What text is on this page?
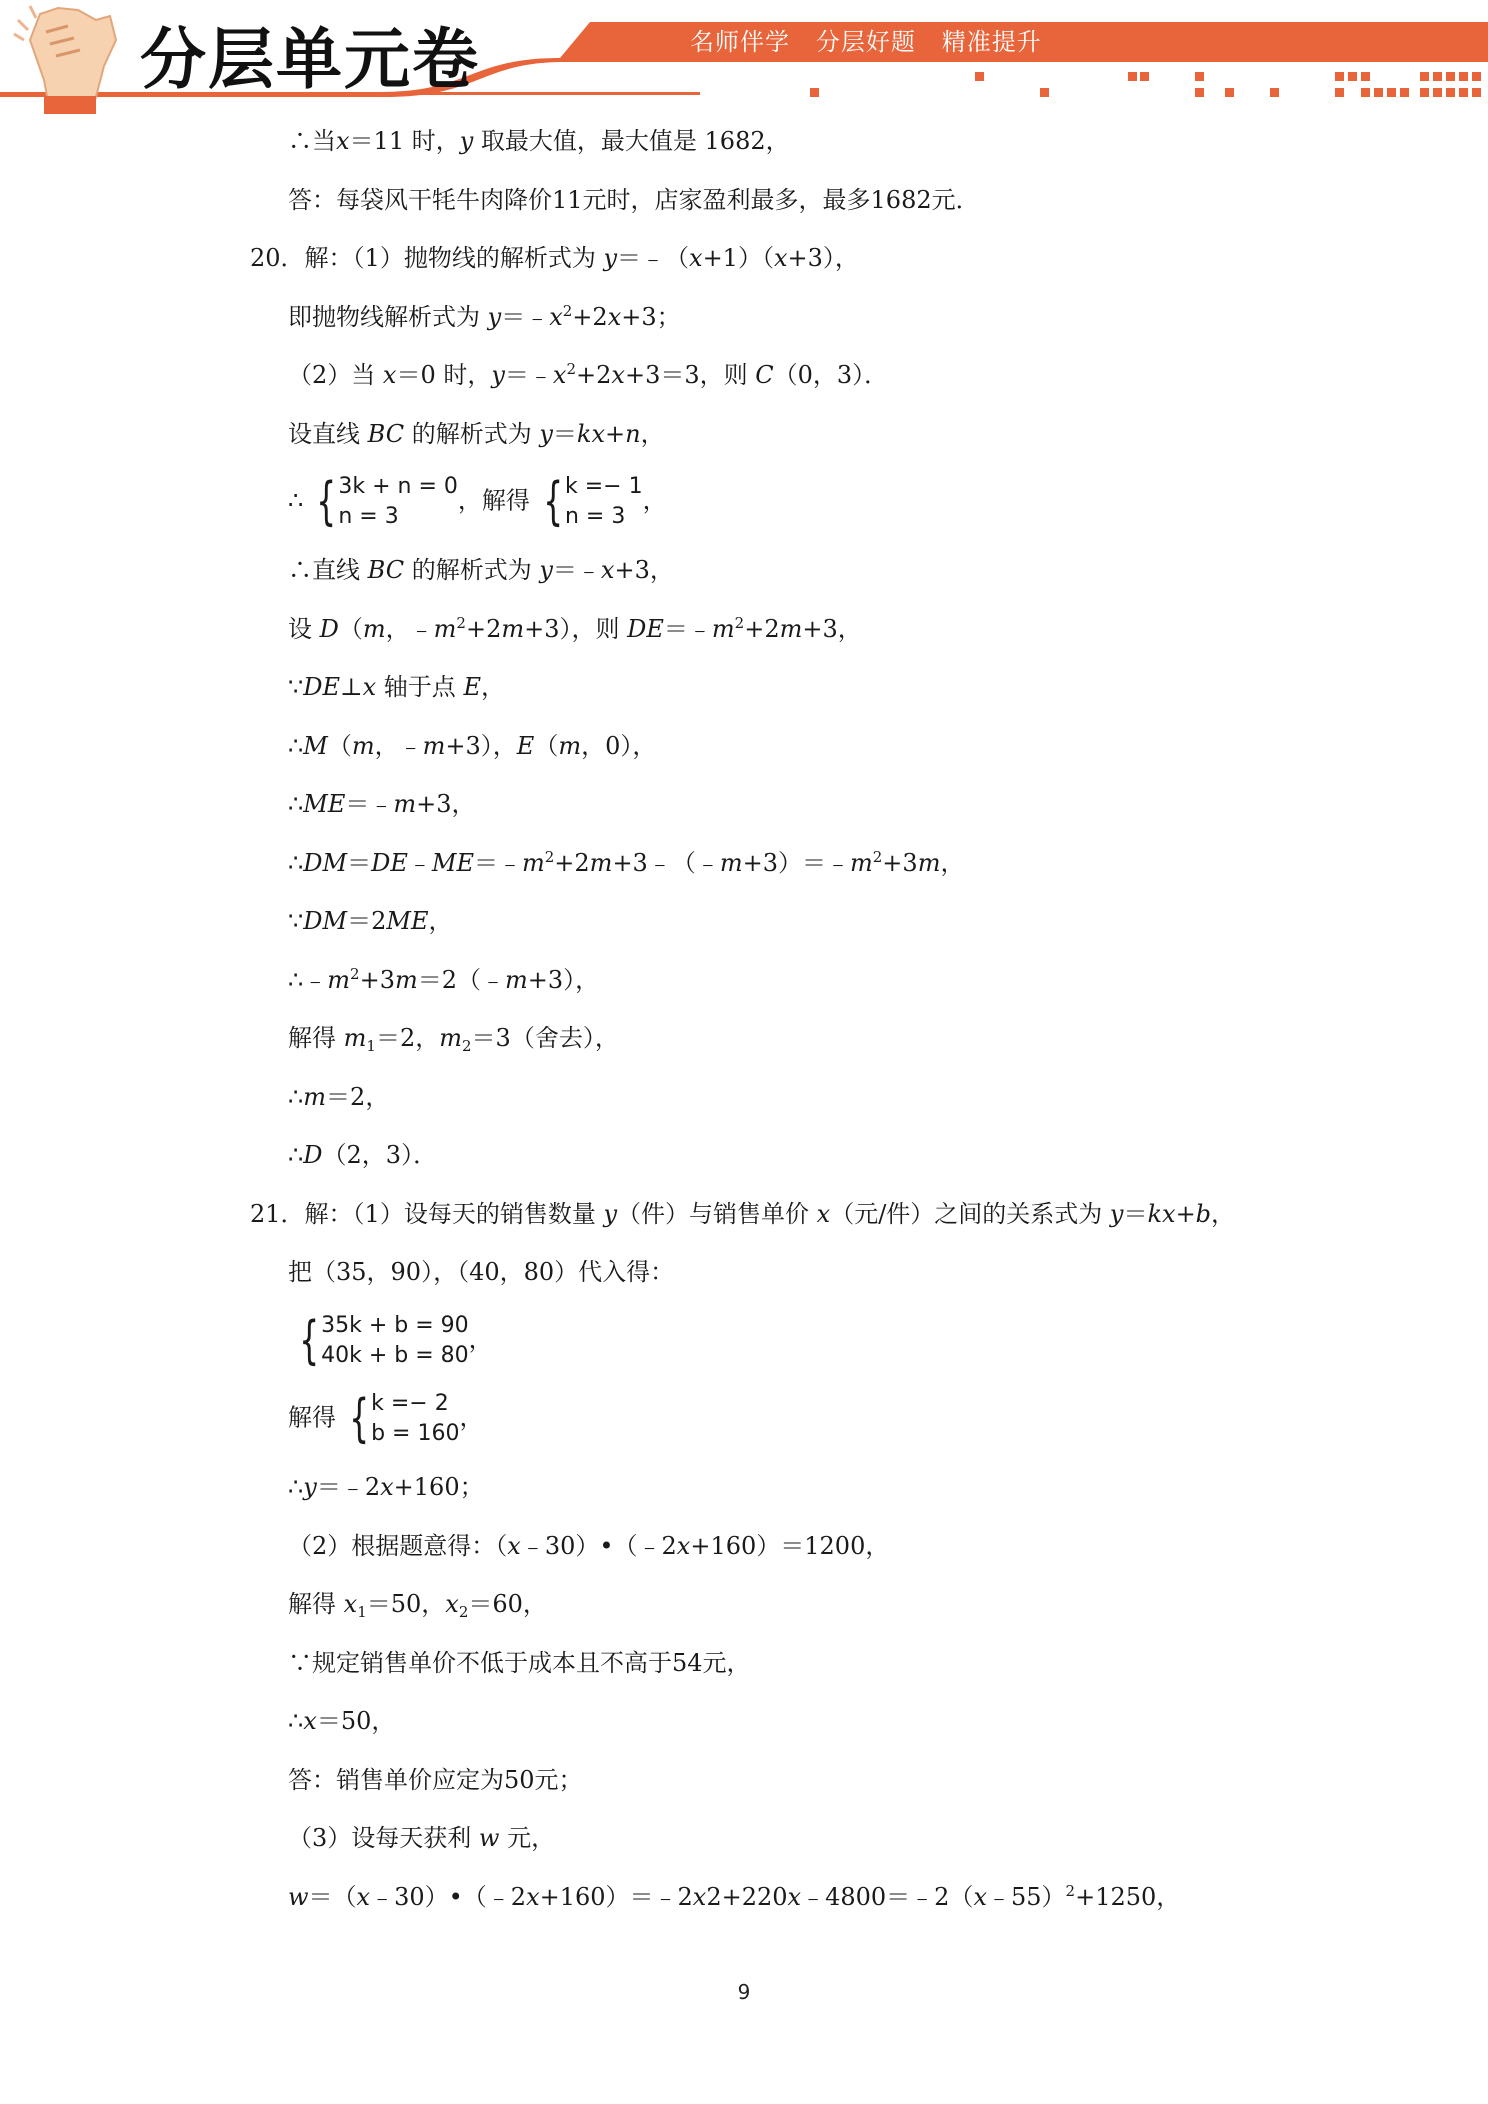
分层单元卷	名师伴学   分层好题   精准提升
∴当x＝11 时，y 取最大值，最大值是 1682，
答：每袋风干牦牛肉降价11元时，店家盈利最多，最多1682元．
20．解：（1）抛物线的解析式为 y＝﹣（x+1）（x+3），
即抛物线解析式为 $y=﹣x^2+2x+3$；
（2）当 x＝0 时，$y=﹣x^2+2x+3=3$，则 C（0，3）．
设直线 BC 的解析式为 y＝kx+n，
∴ { 3k + n = 0
n = 3
，解得 { k =− 1
n = 3
，
∴直线 BC 的解析式为 y＝﹣x+3，
设 D（m，$﹣m^2+2m+3$），则 $DE=﹣m^2+2m+3$，
∵DE⊥x 轴于点 E，
∴M（m，﹣m+3），E（m，0），
∴ME＝﹣m+3，
$\therefore DM=DE﹣ME=﹣m^2+2m+3﹣(﹣m+3)=﹣m^2+3m$，
∵DM＝2ME，
$\therefore﹣m^2+3m=2(﹣m+3)$，
解得 $m_1=2$，$m_2=3$（舍去），
∴m＝2，
∴D（2，3）．
21．解：（1）设每天的销售数量 y（件）与销售单价 x（元/件）之间的关系式为 y＝kx+b，
把（35，90），（40，80）代入得：
{ 35k + b = 90
40k + b = 80
，
解得 { k =− 2
b = 160
，
∴y＝﹣2x+160；
（2）根据题意得：（x﹣30）•（﹣2x+160）＝1200，
解得 $x_1=50$，$x_2=60$，
∵规定销售单价不低于成本且不高于54元，
∴x＝50，
答：销售单价应定为50元；
（3）设每天获利 w 元，
w＝（x﹣30）•（﹣2x+160）＝﹣2x2+220x﹣4800＝﹣2（x﹣55）$^2$+1250，
9
